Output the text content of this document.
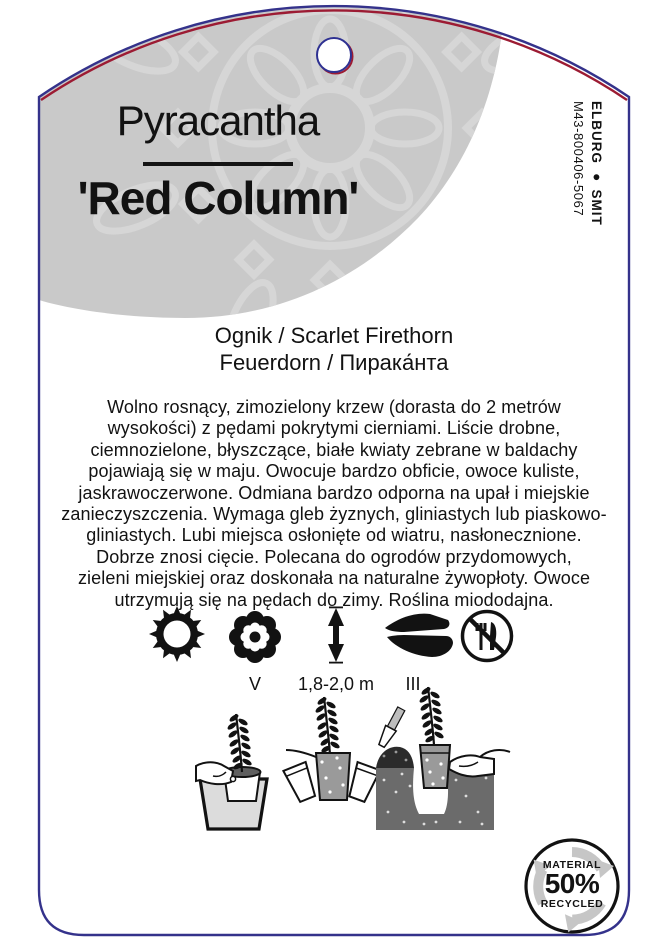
Pyracantha
'Red Column'	ELBURG ● SMIT
M43-800406-5067
Ognik / Scarlet Firethorn
Feuerdorn / Пирака́нта
Wolno rosnący, zimozielony krzew (dorasta do 2 metrów
wysokości) z pędami pokrytymi cierniami. Liście drobne,
ciemnozielone, błyszczące, białe kwiaty zebrane w baldachy
pojawiają się w maju. Owocuje bardzo obficie, owoce kuliste,
jaskrawoczerwone. Odmiana bardzo odporna na upał i miejskie
zanieczyszczenia. Wymaga gleb żyznych, gliniastych lub piaskowo-
gliniastych. Lubi miejsca osłonięte od wiatru, nasłonecznione.
Dobrze znosi cięcie. Polecana do ogrodów przydomowych,
zieleni miejskiej oraz doskonała na naturalne żywopłoty. Owoce
utrzymują się na pędach do zimy. Roślina miododajna.
V	1,8-2,0 m	III
MATERIAL
50%
RECYCLED
